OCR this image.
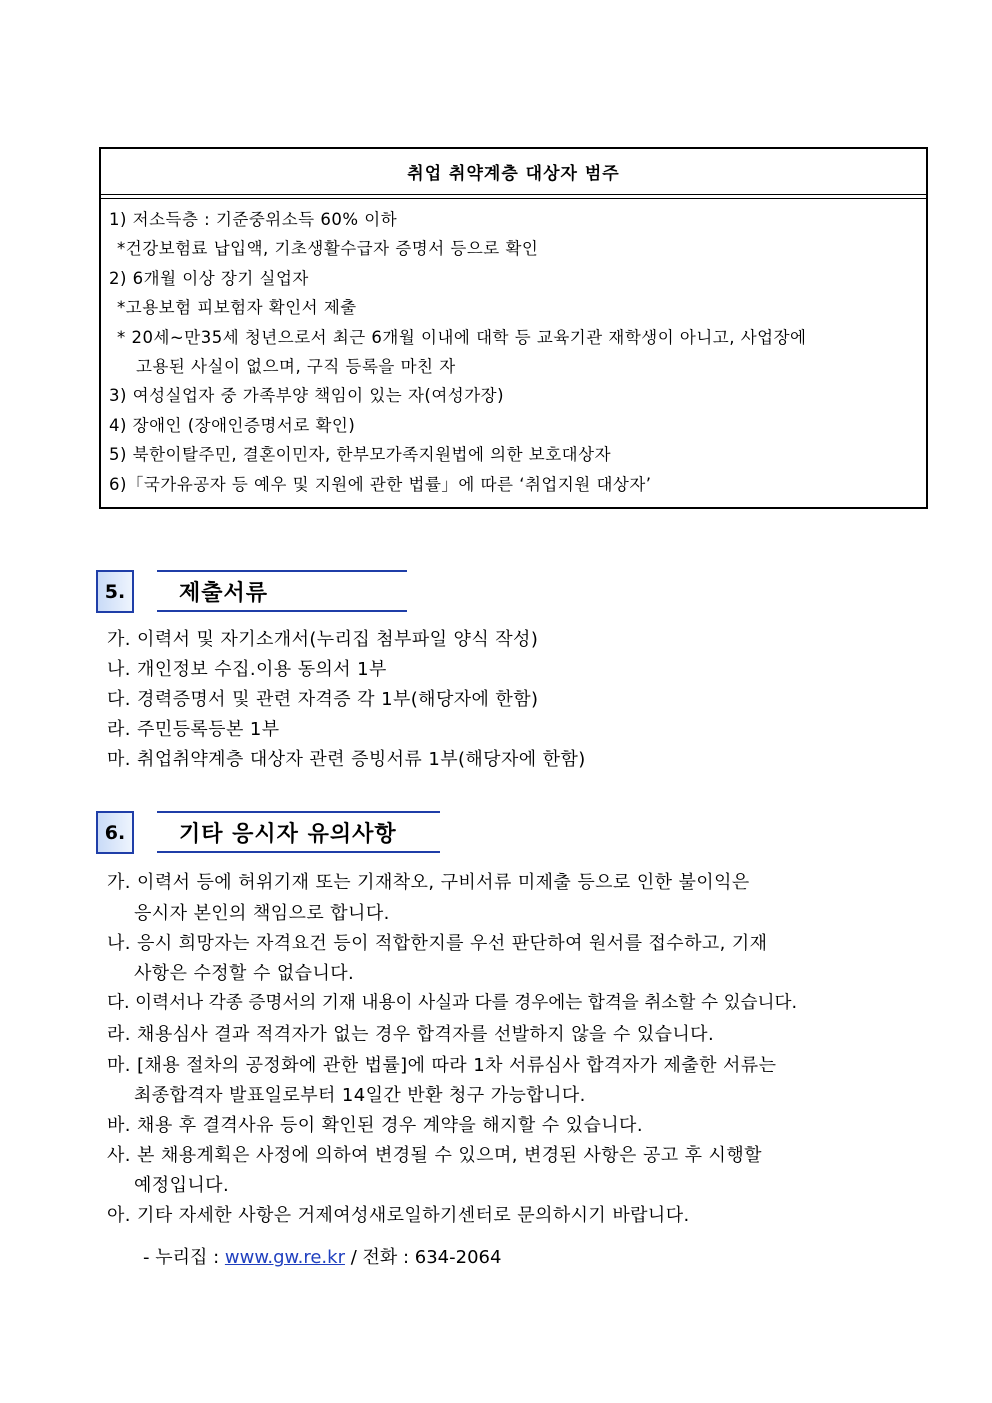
취업 취약계층 대상자 범주
1) 저소득층 : 기준중위소득 60% 이하
*건강보험료 납입액, 기초생활수급자 증명서 등으로 확인
2) 6개월 이상 장기 실업자
*고용보험 피보험자 확인서 제출
* 20세~만35세 청년으로서 최근 6개월 이내에 대학 등 교육기관 재학생이 아니고, 사업장에
고용된 사실이 없으며, 구직 등록을 마친 자
3) 여성실업자 중 가족부양 책임이 있는 자(여성가장)
4) 장애인 (장애인증명서로 확인)
5) 북한이탈주민, 결혼이민자, 한부모가족지원법에 의한 보호대상자
6)「국가유공자 등 예우 및 지원에 관한 법률」에 따른 ‘취업지원 대상자’
5.	제출서류
가. 이력서 및 자기소개서(누리집 첨부파일 양식 작성)
나. 개인정보 수집.이용 동의서 1부
다. 경력증명서 및 관련 자격증 각 1부(해당자에 한함)
라. 주민등록등본 1부
마. 취업취약계층 대상자 관련 증빙서류 1부(해당자에 한함)
6.	기타 응시자 유의사항
가. 이력서 등에 허위기재 또는 기재착오, 구비서류 미제출 등으로 인한 불이익은
응시자 본인의 책임으로 합니다.
나. 응시 희망자는 자격요건 등이 적합한지를 우선 판단하여 원서를 접수하고, 기재
사항은 수정할 수 없습니다.
다. 이력서나 각종 증명서의 기재 내용이 사실과 다를 경우에는 합격을 취소할 수 있습니다.
라. 채용심사 결과 적격자가 없는 경우 합격자를 선발하지 않을 수 있습니다.
마. [채용 절차의 공정화에 관한 법률]에 따라 1차 서류심사 합격자가 제출한 서류는
최종합격자 발표일로부터 14일간 반환 청구 가능합니다.
바. 채용 후 결격사유 등이 확인된 경우 계약을 해지할 수 있습니다.
사. 본 채용계획은 사정에 의하여 변경될 수 있으며, 변경된 사항은 공고 후 시행할
예정입니다.
아. 기타 자세한 사항은 거제여성새로일하기센터로 문의하시기 바랍니다.
- 누리집 : www.gw.re.kr / 전화 : 634-2064
